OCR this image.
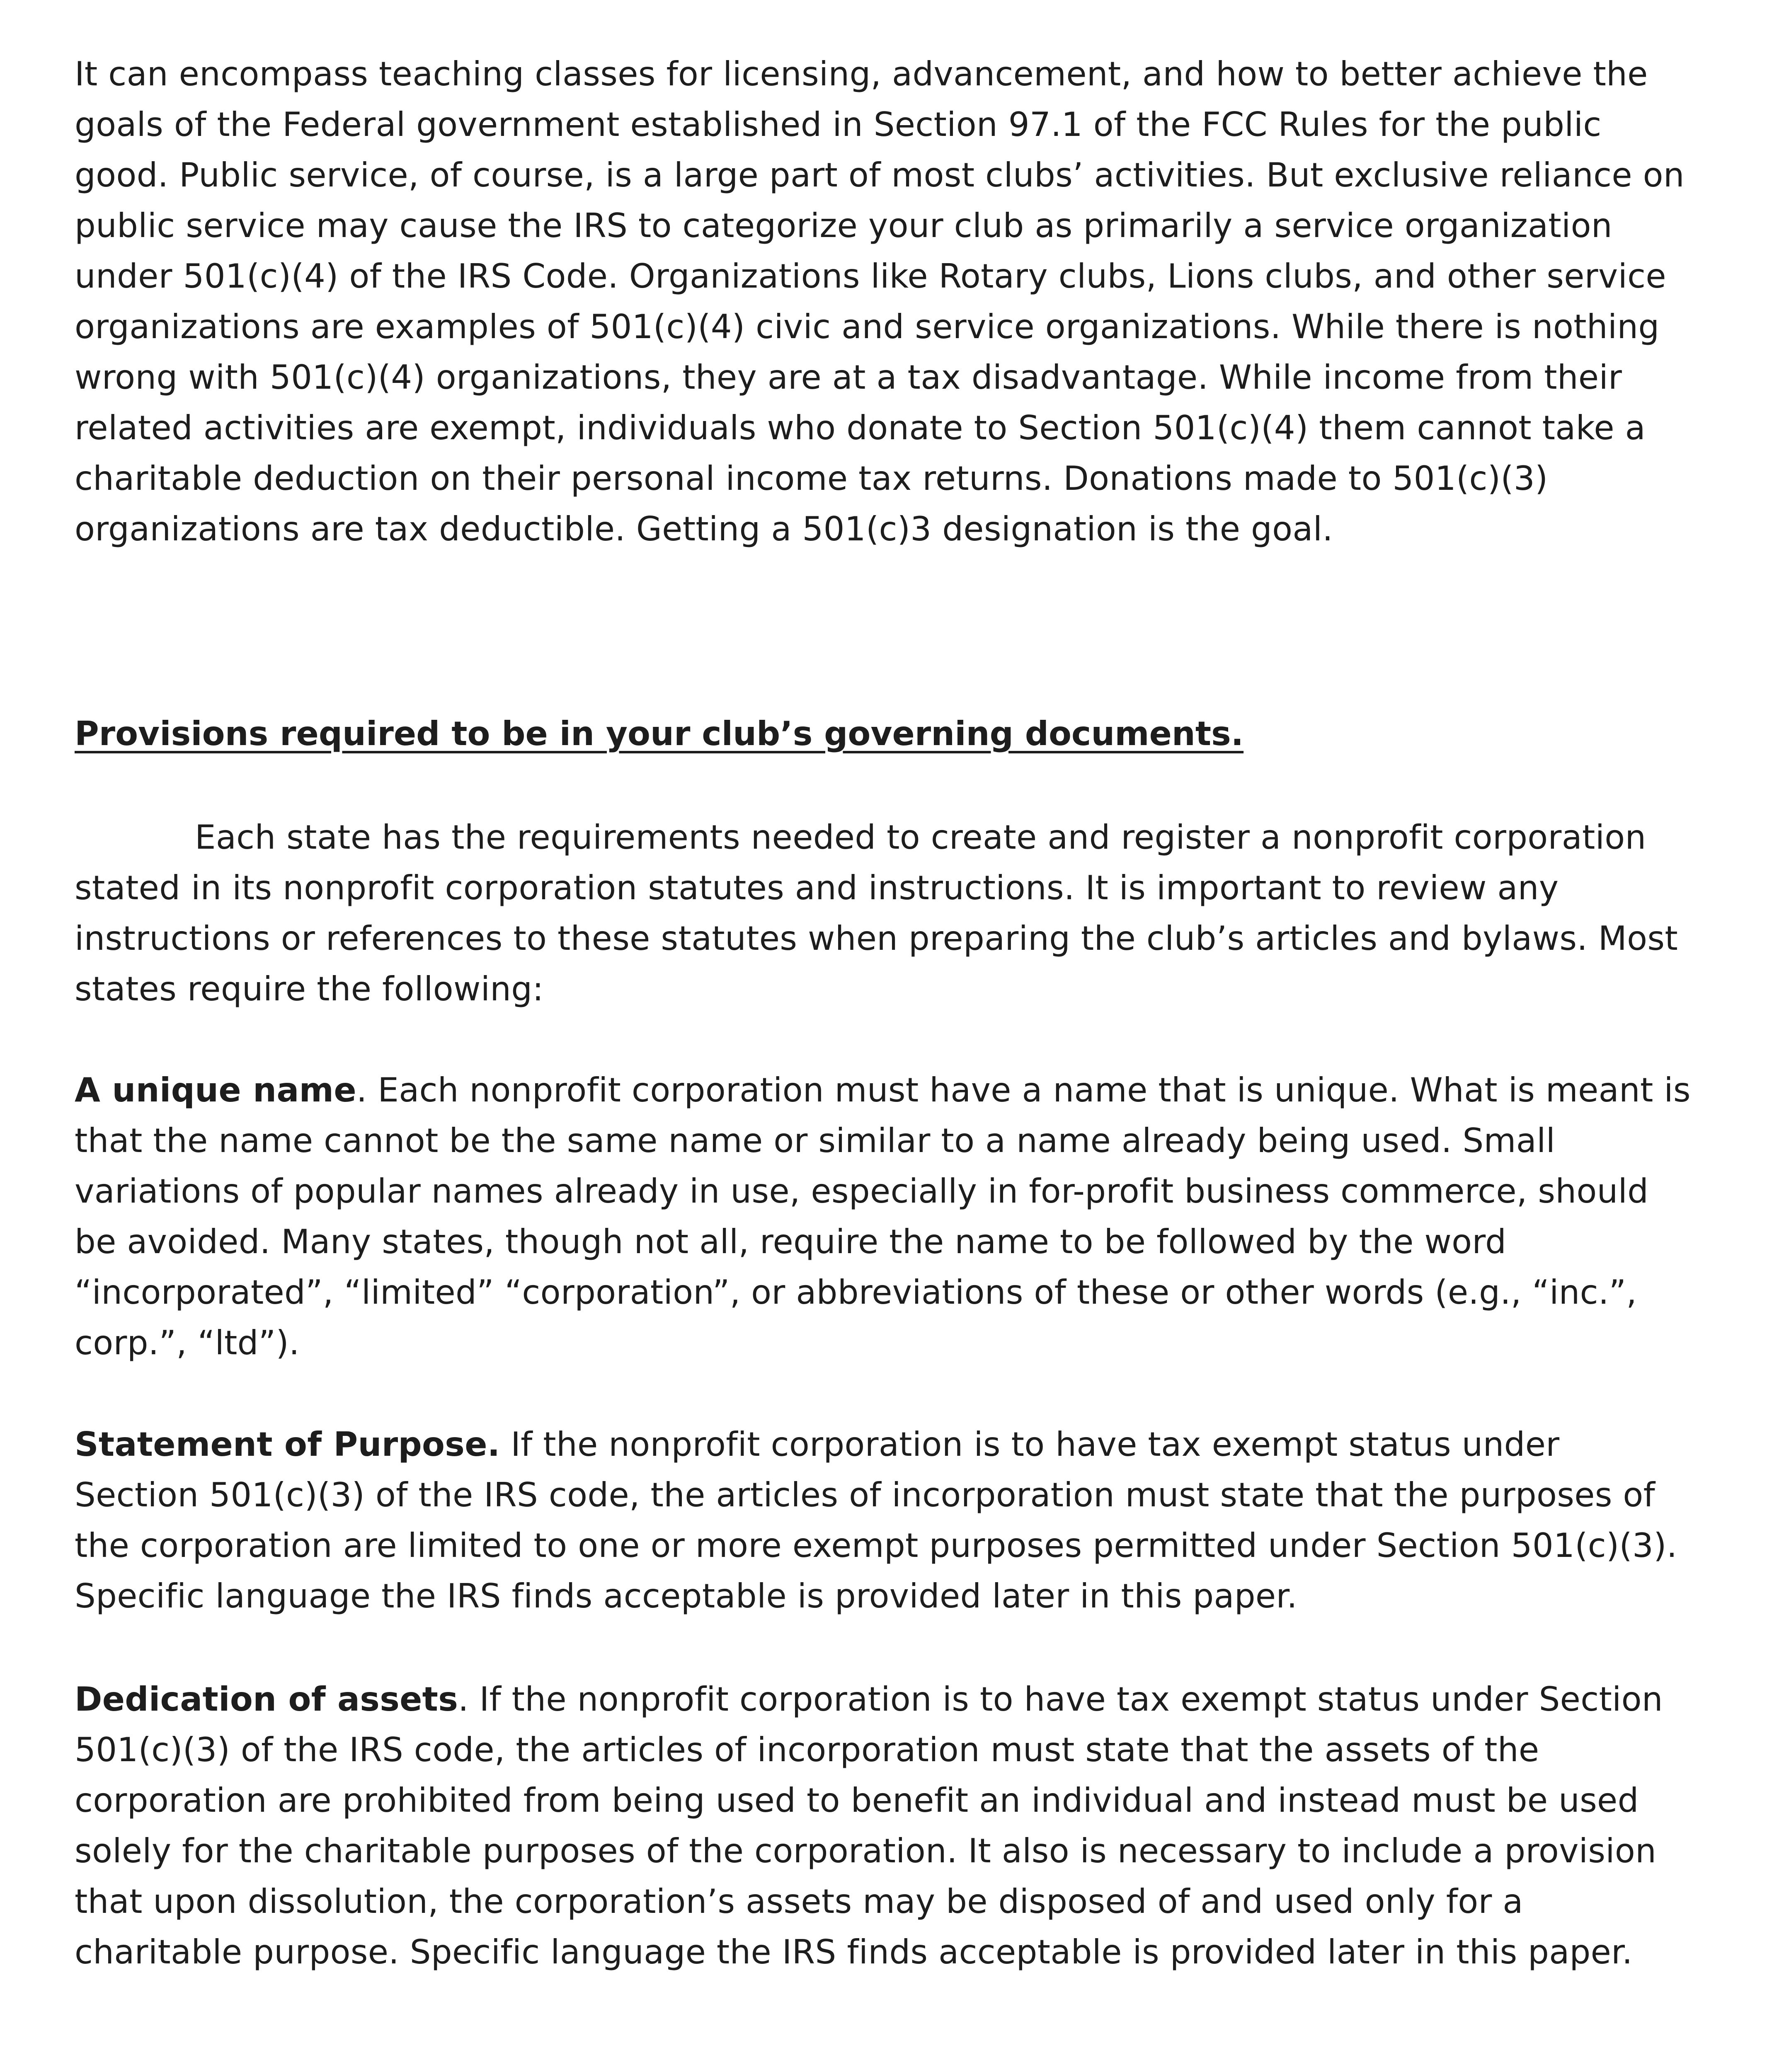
It can encompass teaching classes for licensing, advancement, and how to better achieve the goals of the Federal government established in Section 97.1 of the FCC Rules for the public good. Public service, of course, is a large part of most clubs’ activities. But exclusive reliance on public service may cause the IRS to categorize your club as primarily a service organization under 501(c)(4) of the IRS Code. Organizations like Rotary clubs, Lions clubs, and other service organizations are examples of 501(c)(4) civic and service organizations. While there is nothing wrong with 501(c)(4) organizations, they are at a tax disadvantage. While income from their related activities are exempt, individuals who donate to Section 501(c)(4) them cannot take a charitable deduction on their personal income tax returns. Donations made to 501(c)(3) organizations are tax deductible. Getting a 501(c)3 designation is the goal.

Provisions required to be in your club’s governing documents.

Each state has the requirements needed to create and register a nonprofit corporation stated in its nonprofit corporation statutes and instructions. It is important to review any instructions or references to these statutes when preparing the club’s articles and bylaws. Most states require the following:

A unique name. Each nonprofit corporation must have a name that is unique. What is meant is that the name cannot be the same name or similar to a name already being used. Small variations of popular names already in use, especially in for-profit business commerce, should be avoided. Many states, though not all, require the name to be followed by the word “incorporated”, “limited” “corporation”, or abbreviations of these or other words (e.g., “inc.”, corp.”, “ltd”).

Statement of Purpose. If the nonprofit corporation is to have tax exempt status under Section 501(c)(3) of the IRS code, the articles of incorporation must state that the purposes of the corporation are limited to one or more exempt purposes permitted under Section 501(c)(3). Specific language the IRS finds acceptable is provided later in this paper.

Dedication of assets. If the nonprofit corporation is to have tax exempt status under Section 501(c)(3) of the IRS code, the articles of incorporation must state that the assets of the corporation are prohibited from being used to benefit an individual and instead must be used solely for the charitable purposes of the corporation. It also is necessary to include a provision that upon dissolution, the corporation’s assets may be disposed of and used only for a charitable purpose. Specific language the IRS finds acceptable is provided later in this paper.
